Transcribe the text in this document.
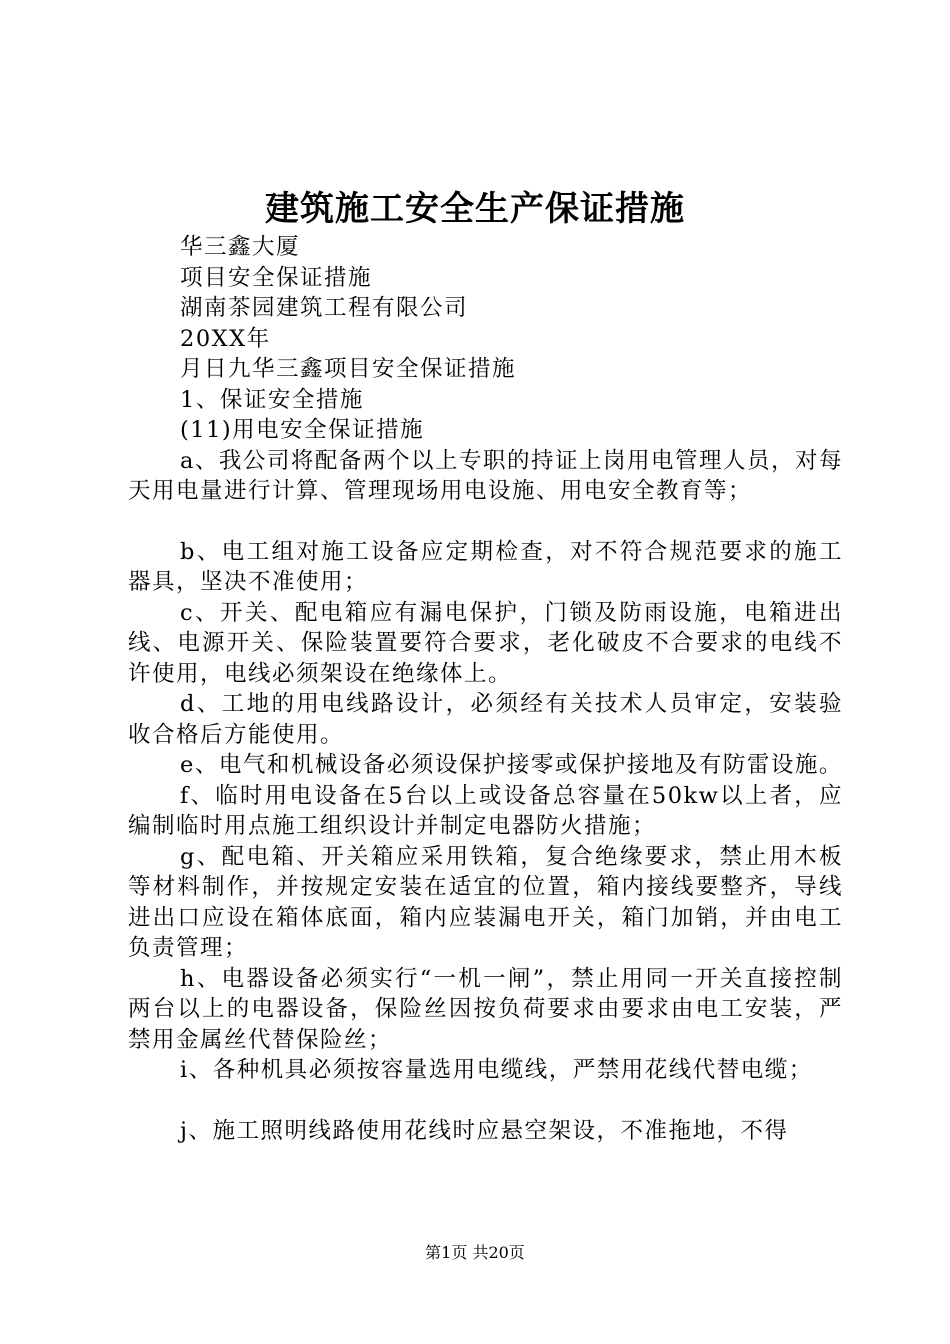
建筑施工安全生产保证措施
华三鑫大厦
项目安全保证措施
湖南茶园建筑工程有限公司
20XX年
月日九华三鑫项目安全保证措施
1、保证安全措施
(11)用电安全保证措施
a、我公司将配备两个以上专职的持证上岗用电管理人员，对每天用电量进行计算、管理现场用电设施、用电安全教育等；
b、电工组对施工设备应定期检查，对不符合规范要求的施工器具，坚决不准使用；
c、开关、配电箱应有漏电保护，门锁及防雨设施，电箱进出线、电源开关、保险装置要符合要求，老化破皮不合要求的电线不许使用，电线必须架设在绝缘体上。
d、工地的用电线路设计，必须经有关技术人员审定，安装验收合格后方能使用。
e、电气和机械设备必须设保护接零或保护接地及有防雷设施。
f、临时用电设备在5台以上或设备总容量在50kw以上者，应编制临时用点施工组织设计并制定电器防火措施；
g、配电箱、开关箱应采用铁箱，复合绝缘要求，禁止用木板等材料制作，并按规定安装在适宜的位置，箱内接线要整齐，导线进出口应设在箱体底面，箱内应装漏电开关，箱门加销，并由电工负责管理；
h、电器设备必须实行“一机一闸”，禁止用同一开关直接控制两台以上的电器设备，保险丝因按负荷要求由要求由电工安装，严禁用金属丝代替保险丝；
i、各种机具必须按容量选用电缆线，严禁用花线代替电缆；
j、施工照明线路使用花线时应悬空架设，不准拖地，不得
第1页 共20页
